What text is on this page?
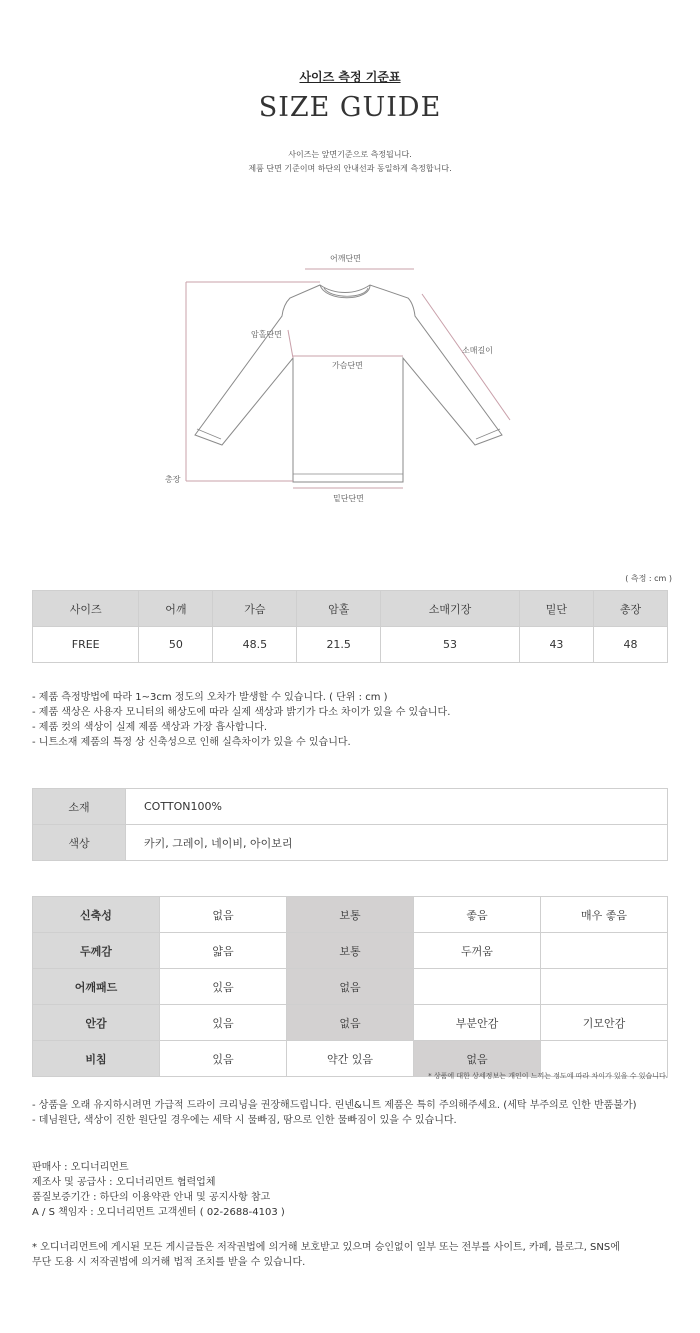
사이즈 측정 기준표
SIZE GUIDE
사이즈는 앞면기준으로 측정됩니다.
제품 단면 기준이며 하단의 안내선과 동일하게 측정합니다.
어깨단면
암홀단면
소매길이
가슴단면
총장
밑단단면
( 측정 : cm )
사이즈	어깨	가슴	암홀	소매기장	밑단	총장
FREE	50	48.5	21.5	53	43	48
- 제품 측정방법에 따라 1~3cm 정도의 오차가 발생할 수 있습니다. ( 단위 : cm )
- 제품 색상은 사용자 모니터의 해상도에 따라 실제 색상과 밝기가 다소 차이가 있을 수 있습니다.
- 제품 컷의 색상이 실제 제품 색상과 가장 흡사합니다.
- 니트소재 제품의 특정 상 신축성으로 인해 실측차이가 있을 수 있습니다.
소재	COTTON100%
색상	카키, 그레이, 네이비, 아이보리
신축성	없음	보통	좋음	매우 좋음
두께감	얇음	보통	두꺼움	
어깨패드	있음	없음		
안감	있음	없음	부분안감	기모안감
비침	있음	약간 있음	없음	
* 상품에 대한 상세정보는 개인이 느끼는 정도에 따라 차이가 있을 수 있습니다.
- 상품을 오래 유지하시려면 가급적 드라이 크리닝을 권장해드립니다. 린넨&니트 제품은 특히 주의해주세요. (세탁 부주의로 인한 반품불가)
- 데님원단, 색상이 진한 원단일 경우에는 세탁 시 물빠짐, 땀으로 인한 물빠짐이 있을 수 있습니다.
판매사 : 오디너리먼트
제조사 및 공급사 : 오디너리먼트 협력업체
품질보증기간 : 하단의 이용약관 안내 및 공지사항 참고
A / S 책임자 : 오디너리먼트 고객센터 ( 02-2688-4103 )
* 오디너리먼트에 게시된 모든 게시글들은 저작권법에 의거해 보호받고 있으며 승인없이 일부 또는 전부를 사이트, 카페, 블로그, SNS에
무단 도용 시 저작권법에 의거해 법적 조치를 받을 수 있습니다.
